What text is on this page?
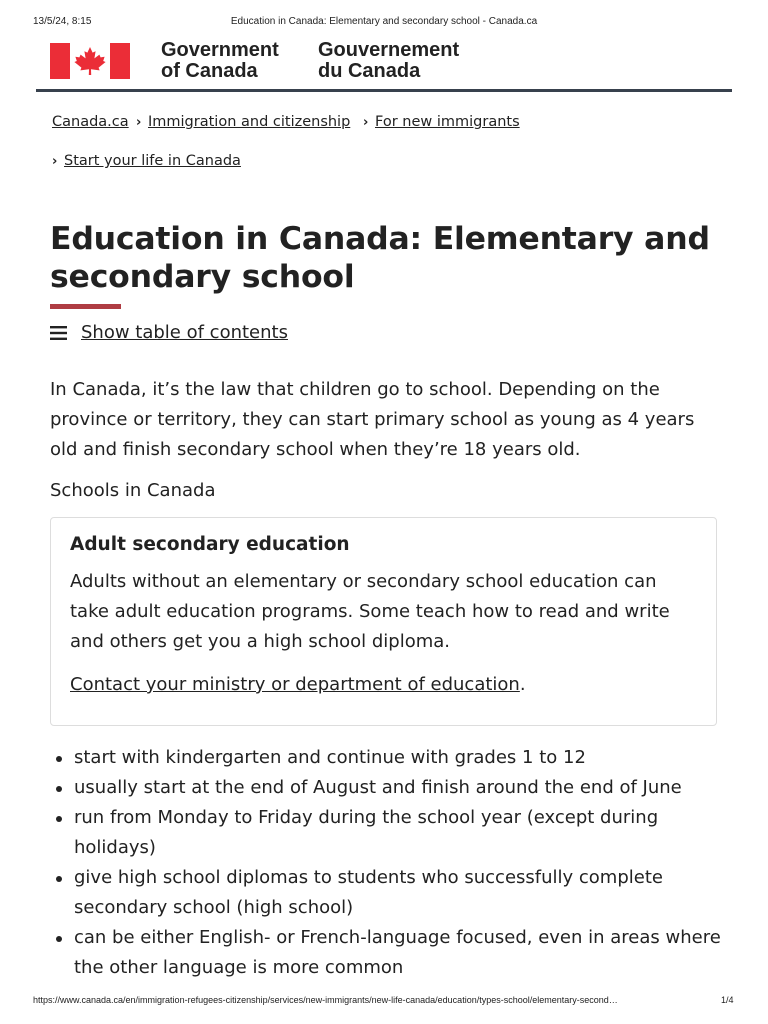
13/5/24, 8:15	Education in Canada: Elementary and secondary school - Canada.ca
Government
of Canada
Gouvernement
du Canada
Canada.ca › Immigration and citizenship › For new immigrants
› Start your life in Canada
Education in Canada: Elementary and secondary school
Show table of contents

In Canada, it’s the law that children go to school. Depending on the province or territory, they can start primary school as young as 4 years old and finish secondary school when they’re 18 years old.

Schools in Canada
Adult secondary education

Adults without an elementary or secondary school education can take adult education programs. Some teach how to read and write and others get you a high school diploma.

Contact your ministry or department of education.

start with kindergarten and continue with grades 1 to 12
usually start at the end of August and finish around the end of June
run from Monday to Friday during the school year (except during holidays)
give high school diplomas to students who successfully complete secondary school (high school)
can be either English- or French-language focused, even in areas where the other language is more common
https://www.canada.ca/en/immigration-refugees-citizenship/services/new-immigrants/new-life-canada/education/types-school/elementary-second…	1/4
